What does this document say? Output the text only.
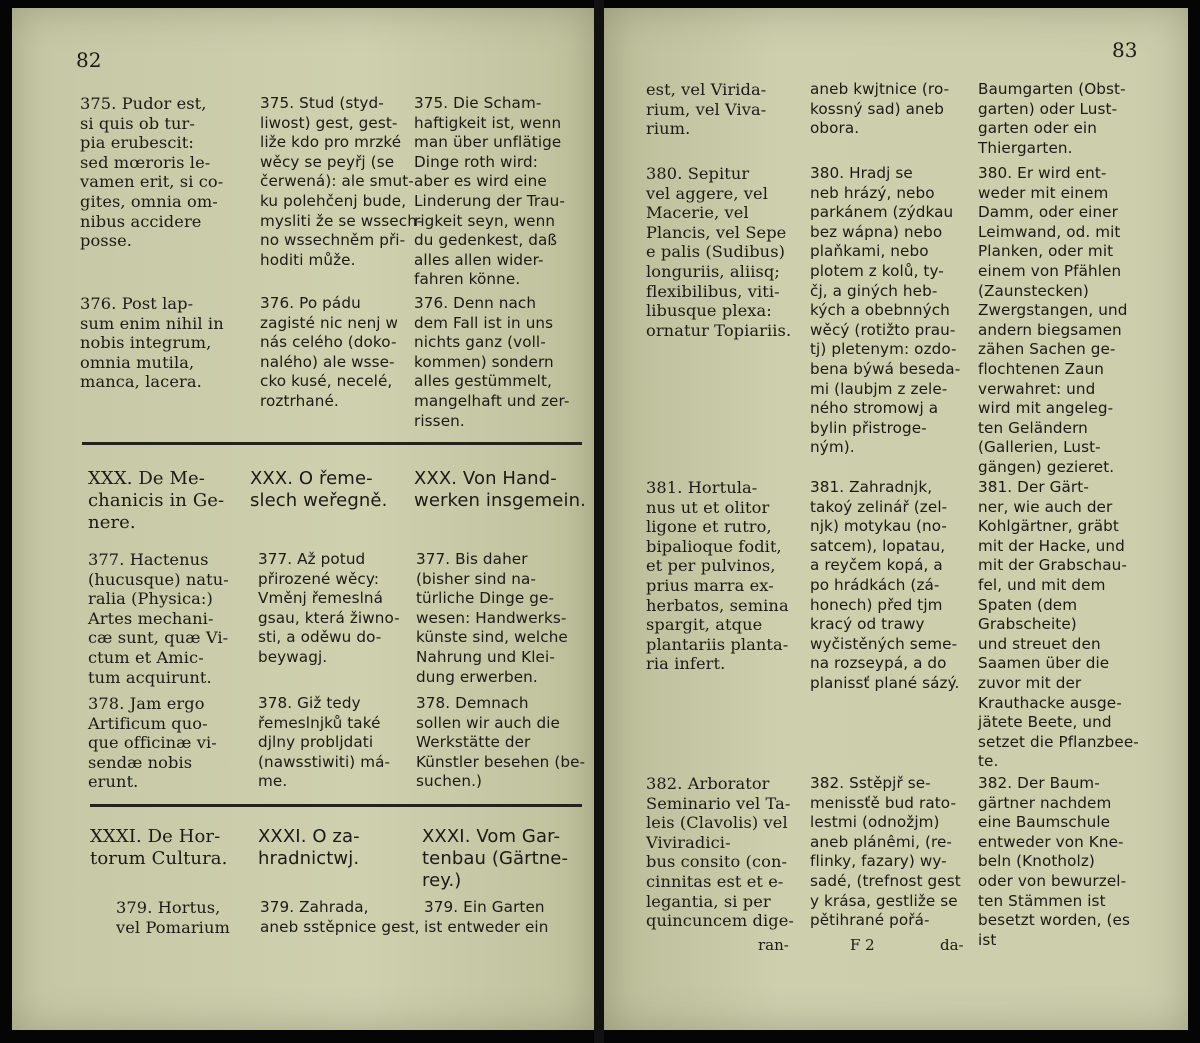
82
375. Pudor est,
si quis ob tur-
pia erubescit:
sed mœroris le-
vamen erit, si co-
gites, omnia om-
nibus accidere
posse.
375. Stud (styd-
liwost) gest, gest-
liže kdo pro mrzké
wěcy se peyřj (se
čerwená): ale smut-
ku polehčenj bude,
mysliti že se wssech-
no wssechněm při-
hoditi může.
375. Die Scham-
haftigkeit ist, wenn
man über unflätige
Dinge roth wird:
aber es wird eine
Linderung der Trau-
rigkeit seyn, wenn
du gedenkest, daß
alles allen wider-
fahren könne.
376. Post lap-
sum enim nihil in
nobis integrum,
omnia mutila,
manca, lacera.
376. Po pádu
zagisté nic nenj w
nás celého (doko-
nalého) ale wsse-
cko kusé, necelé,
roztrhané.
376. Denn nach
dem Fall ist in uns
nichts ganz (voll-
kommen) sondern
alles gestümmelt,
mangelhaft und zer-
rissen.
XXX. De Me-
chanicis in Ge-
nere.
XXX. O řeme-
slech weřegně.
XXX. Von Hand-
werken insgemein.
377. Hactenus
(hucusque) natu-
ralia (Physica:)
Artes mechani-
cæ sunt, quæ Vi-
ctum et Amic-
tum acquirunt.
377. Až potud
přirozené wěcy:
Vměnj řemeslná
gsau, která žiwno-
sti, a oděwu do-
beywagj.
377. Bis daher
(bisher sind na-
türliche Dinge ge-
wesen: Handwerks-
künste sind, welche
Nahrung und Klei-
dung erwerben.
378. Jam ergo
Artificum quo-
que officinæ vi-
sendæ nobis
erunt.
378. Giž tedy
řemeslnjků také
djlny probljdati
(nawsstiwiti) má-
me.
378. Demnach
sollen wir auch die
Werkstätte der
Künstler besehen (be-
suchen.)
XXXI. De Hor-
torum Cultura.
XXXI. O za-
hradnictwj.
XXXI. Vom Gar-
tenbau (Gärtne-
rey.)
379. Hortus,
vel Pomarium
379. Zahrada,
aneb sstěpnice gest,
379. Ein Garten
ist entweder ein
83
est, vel Virida-
rium, vel Viva-
rium.
aneb kwjtnice (ro-
kossný sad) aneb
obora.
Baumgarten (Obst-
garten) oder Lust-
garten oder ein
Thiergarten.
380. Sepitur
vel aggere, vel
Macerie, vel
Plancis, vel Sepe
e palis (Sudibus)
longuriis, aliisq;
flexibilibus, viti-
libusque plexa:
ornatur Topiariis.
380. Hradj se
neb hrázý, nebo
parkánem (zýdkau
bez wápna) nebo
plaňkami, nebo
plotem z kolů, ty-
čj, a giných heb-
kých a obebnných
wěcý (rotižto prau-
tj) pletenym: ozdo-
bena býwá beseda-
mi (laubjm z zele-
ného stromowj a
bylin přistroge-
ným).
380. Er wird ent-
weder mit einem
Damm, oder einer
Leimwand, od. mit
Planken, oder mit
einem von Pfählen
(Zaunstecken)
Zwergstangen, und
andern biegsamen
zähen Sachen ge-
flochtenen Zaun
verwahret: und
wird mit angeleg-
ten Geländern
(Gallerien, Lust-
gängen) gezieret.
381. Hortula-
nus ut et olitor
ligone et rutro,
bipalioque fodit,
et per pulvinos,
prius marra ex-
herbatos, semina
spargit, atque
plantariis planta-
ria infert.
381. Zahradnjk,
takoý zelinář (zel-
njk) motykau (no-
satcem), lopatau,
a reyčem kopá, a
po hrádkách (zá-
honech) před tjm
kracý od trawy
wyčistěných seme-
na rozseypá, a do
planissť plané sázý.
381. Der Gärt-
ner, wie auch der
Kohlgärtner, gräbt
mit der Hacke, und
mit der Grabschau-
fel, und mit dem
Spaten (dem
Grabscheite)
und streuet den
Saamen über die
zuvor mit der
Krauthacke ausge-
jätete Beete, und
setzet die Pflanzbee-
te.
382. Arborator
Seminario vel Ta-
leis (Clavolis) vel
Viviradici-
bus consito (con-
cinnitas est et e-
legantia, si per
quincuncem dige-
382. Sstěpjř se-
menissťě bud rato-
lestmi (odnožjm)
aneb plánêmi, (re-
flinky, fazary) wy-
sadé, (trefnost gest
y krása, gestliže se
pětihrané pořá-
382. Der Baum-
gärtner nachdem
eine Baumschule
entweder von Kne-
beln (Knotholz)
oder von bewurzel-
ten Stämmen ist
besetzt worden, (es
ist
ran-	F 2	da-
